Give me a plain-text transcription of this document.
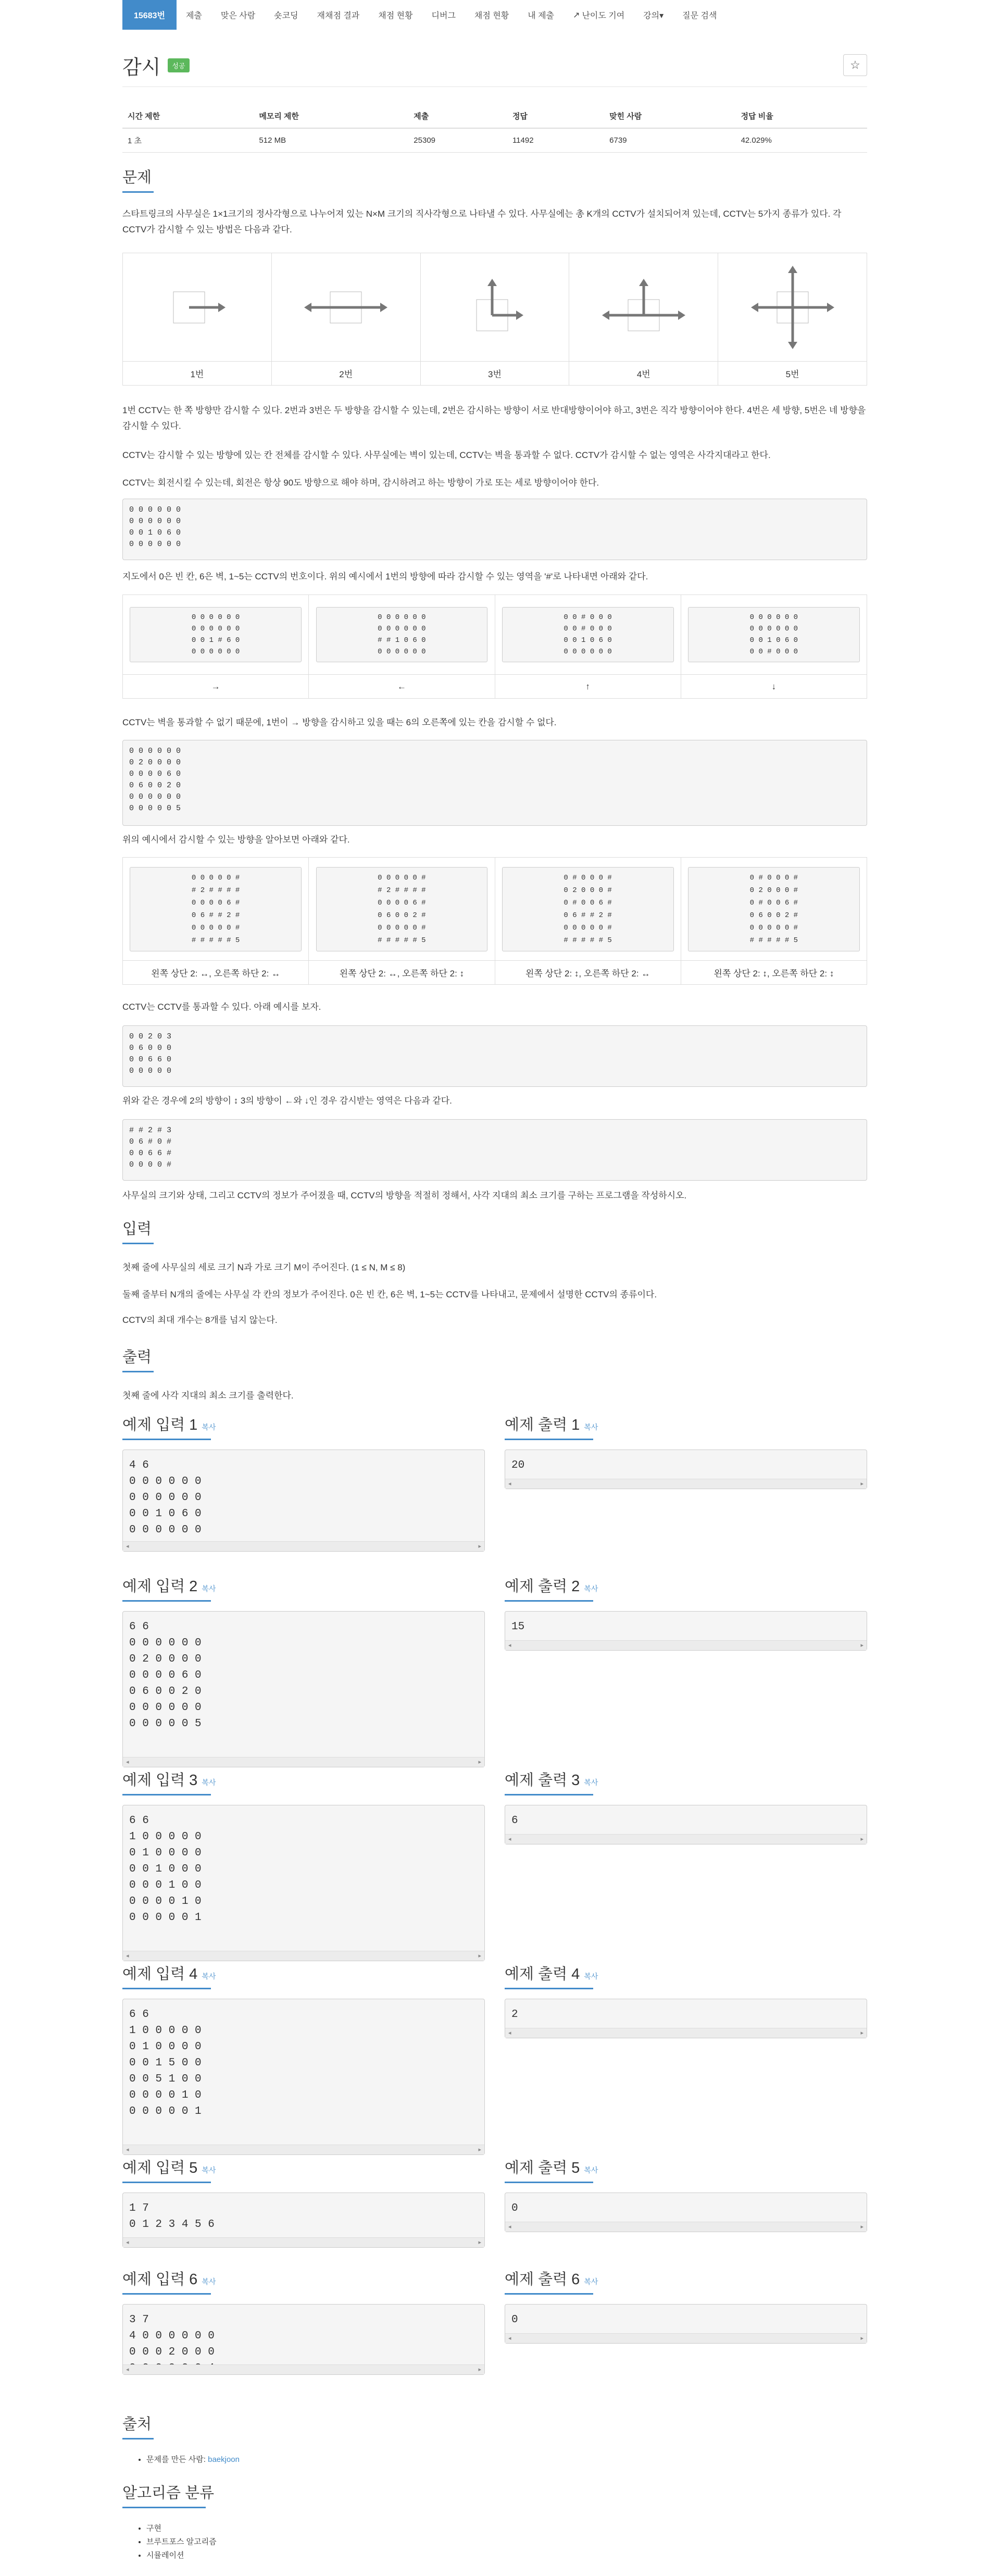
15683번	제출	맞은 사람	숏코딩	재채점 결과	채점 현황	디버그	채점 현황	내 제출	↗ 난이도 기여	강의▾	질문 검색
감시	성공	☆
시간 제한	메모리 제한	제출	정답	맞힌 사람	정답 비율
1 초	512 MB	25309	11492	6739	42.029%
문제
스타트링크의 사무실은 1×1크기의 정사각형으로 나누어져 있는 N×M 크기의 직사각형으로 나타낼 수 있다. 사무실에는 총 K개의 CCTV가 설치되어져 있는데, CCTV는 5가지 종류가 있다. 각 CCTV가 감시할 수 있는 방법은 다음과 같다.
1번	2번	3번	4번	5번
1번 CCTV는 한 쪽 방향만 감시할 수 있다. 2번과 3번은 두 방향을 감시할 수 있는데, 2번은 감시하는 방향이 서로 반대방향이어야 하고, 3번은 직각 방향이어야 한다. 4번은 세 방향, 5번은 네 방향을 감시할 수 있다.
CCTV는 감시할 수 있는 방향에 있는 칸 전체를 감시할 수 있다. 사무실에는 벽이 있는데, CCTV는 벽을 통과할 수 없다. CCTV가 감시할 수 없는 영역은 사각지대라고 한다.
CCTV는 회전시킬 수 있는데, 회전은 항상 90도 방향으로 해야 하며, 감시하려고 하는 방향이 가로 또는 세로 방향이어야 한다.
0 0 0 0 0 0
0 0 0 0 0 0
0 0 1 0 6 0
0 0 0 0 0 0
지도에서 0은 빈 칸, 6은 벽, 1~5는 CCTV의 번호이다. 위의 예시에서 1번의 방향에 따라 감시할 수 있는 영역을 '#'로 나타내면 아래와 같다.
0 0 0 0 0 0
0 0 0 0 0 0
0 0 1 # 6 0
0 0 0 0 0 0
0 0 0 0 0 0
0 0 0 0 0 0
# # 1 0 6 0
0 0 0 0 0 0
0 0 # 0 0 0
0 0 # 0 0 0
0 0 1 0 6 0
0 0 0 0 0 0
0 0 0 0 0 0
0 0 0 0 0 0
0 0 1 0 6 0
0 0 # 0 0 0
→	←	↑	↓
CCTV는 벽을 통과할 수 없기 때문에, 1번이 → 방향을 감시하고 있을 때는 6의 오른쪽에 있는 칸을 감시할 수 없다.
0 0 0 0 0 0
0 2 0 0 0 0
0 0 0 0 6 0
0 6 0 0 2 0
0 0 0 0 0 0
0 0 0 0 0 5
위의 예시에서 감시할 수 있는 방향을 알아보면 아래와 같다.
0 0 0 0 0 #
# 2 # # # #
0 0 0 0 6 #
0 6 # # 2 #
0 0 0 0 0 #
# # # # # 5
0 0 0 0 0 #
# 2 # # # #
0 0 0 0 6 #
0 6 0 0 2 #
0 0 0 0 0 #
# # # # # 5
0 # 0 0 0 #
0 2 0 0 0 #
0 # 0 0 6 #
0 6 # # 2 #
0 0 0 0 0 #
# # # # # 5
0 # 0 0 0 #
0 2 0 0 0 #
0 # 0 0 6 #
0 6 0 0 2 #
0 0 0 0 0 #
# # # # # 5
왼쪽 상단 2: ↔, 오른쪽 하단 2: ↔	왼쪽 상단 2: ↔, 오른쪽 하단 2: ↕	왼쪽 상단 2: ↕, 오른쪽 하단 2: ↔	왼쪽 상단 2: ↕, 오른쪽 하단 2: ↕
CCTV는 CCTV를 통과할 수 있다. 아래 예시를 보자.
0 0 2 0 3
0 6 0 0 0
0 0 6 6 0
0 0 0 0 0
위와 같은 경우에 2의 방향이 ↕ 3의 방향이 ←와 ↓인 경우 감시받는 영역은 다음과 같다.
# # 2 # 3
0 6 # 0 #
0 0 6 6 #
0 0 0 0 #
사무실의 크기와 상태, 그리고 CCTV의 정보가 주어졌을 때, CCTV의 방향을 적절히 정해서, 사각 지대의 최소 크기를 구하는 프로그램을 작성하시오.
입력
첫째 줄에 사무실의 세로 크기 N과 가로 크기 M이 주어진다. (1 ≤ N, M ≤ 8)
둘째 줄부터 N개의 줄에는 사무실 각 칸의 정보가 주어진다. 0은 빈 칸, 6은 벽, 1~5는 CCTV를 나타내고, 문제에서 설명한 CCTV의 종류이다.
CCTV의 최대 개수는 8개를 넘지 않는다.
출력
첫째 줄에 사각 지대의 최소 크기를 출력한다.
예제 입력 1 복사	예제 출력 1 복사
4 6
0 0 0 0 0 0
0 0 0 0 0 0
0 0 1 0 6 0
0 0 0 0 0 0
◂	▸
20
◂	▸
예제 입력 2 복사	예제 출력 2 복사
6 6
0 0 0 0 0 0
0 2 0 0 0 0
0 0 0 0 6 0
0 6 0 0 2 0
0 0 0 0 0 0
0 0 0 0 0 5
◂	▸
15
◂	▸
예제 입력 3 복사	예제 출력 3 복사
6 6
1 0 0 0 0 0
0 1 0 0 0 0
0 0 1 0 0 0
0 0 0 1 0 0
0 0 0 0 1 0
0 0 0 0 0 1
◂	▸
6
◂	▸
예제 입력 4 복사	예제 출력 4 복사
6 6
1 0 0 0 0 0
0 1 0 0 0 0
0 0 1 5 0 0
0 0 5 1 0 0
0 0 0 0 1 0
0 0 0 0 0 1
◂	▸
2
◂	▸
예제 입력 5 복사	예제 출력 5 복사
1 7
0 1 2 3 4 5 6
◂	▸
0
◂	▸
예제 입력 6 복사	예제 출력 6 복사
3 7
4 0 0 0 0 0 0
0 0 0 2 0 0 0

◂	▸
0
◂	▸
출처
• 문제를 만든 사람: baekjoon
알고리즘 분류
• 구현
• 브루트포스 알고리즘
• 시뮬레이션
